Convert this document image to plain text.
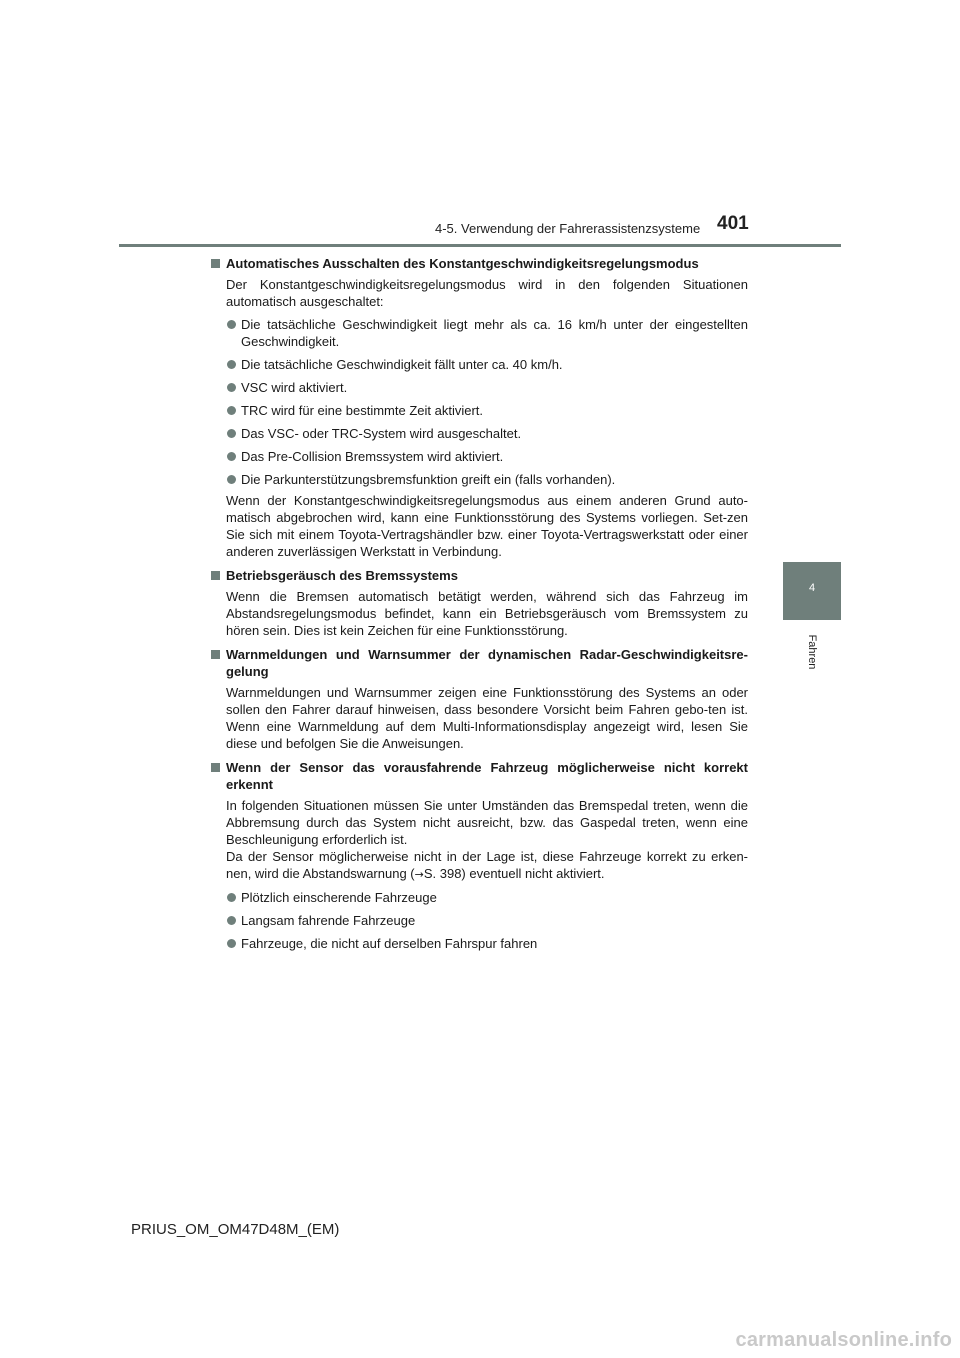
4-5. Verwendung der Fahrerassistenzsysteme 401
4
Fahren
Automatisches Ausschalten des Konstantgeschwindigkeitsregelungsmodus
Der Konstantgeschwindigkeitsregelungsmodus wird in den folgenden Situationen automatisch ausgeschaltet:
Die tatsächliche Geschwindigkeit liegt mehr als ca. 16 km/h unter der eingestellten Geschwindigkeit.
Die tatsächliche Geschwindigkeit fällt unter ca. 40 km/h.
VSC wird aktiviert.
TRC wird für eine bestimmte Zeit aktiviert.
Das VSC- oder TRC-System wird ausgeschaltet.
Das Pre-Collision Bremssystem wird aktiviert.
Die Parkunterstützungsbremsfunktion greift ein (falls vorhanden).
Wenn der Konstantgeschwindigkeitsregelungsmodus aus einem anderen Grund auto-matisch abgebrochen wird, kann eine Funktionsstörung des Systems vorliegen. Set-zen Sie sich mit einem Toyota-Vertragshändler bzw. einer Toyota-Vertragswerkstatt oder einer anderen zuverlässigen Werkstatt in Verbindung.
Betriebsgeräusch des Bremssystems
Wenn die Bremsen automatisch betätigt werden, während sich das Fahrzeug im Abstandsregelungsmodus befindet, kann ein Betriebsgeräusch vom Bremssystem zu hören sein. Dies ist kein Zeichen für eine Funktionsstörung.
Warnmeldungen und Warnsummer der dynamischen Radar-Geschwindigkeitsre-gelung
Warnmeldungen und Warnsummer zeigen eine Funktionsstörung des Systems an oder sollen den Fahrer darauf hinweisen, dass besondere Vorsicht beim Fahren gebo-ten ist. Wenn eine Warnmeldung auf dem Multi-Informationsdisplay angezeigt wird, lesen Sie diese und befolgen Sie die Anweisungen.
Wenn der Sensor das vorausfahrende Fahrzeug möglicherweise nicht korrekt erkennt
In folgenden Situationen müssen Sie unter Umständen das Bremspedal treten, wenn die Abbremsung durch das System nicht ausreicht, bzw. das Gaspedal treten, wenn eine Beschleunigung erforderlich ist.
Da der Sensor möglicherweise nicht in der Lage ist, diese Fahrzeuge korrekt zu erken-nen, wird die Abstandswarnung (→S. 398) eventuell nicht aktiviert.
Plötzlich einscherende Fahrzeuge
Langsam fahrende Fahrzeuge
Fahrzeuge, die nicht auf derselben Fahrspur fahren
PRIUS_OM_OM47D48M_(EM)
carmanualsonline.info
